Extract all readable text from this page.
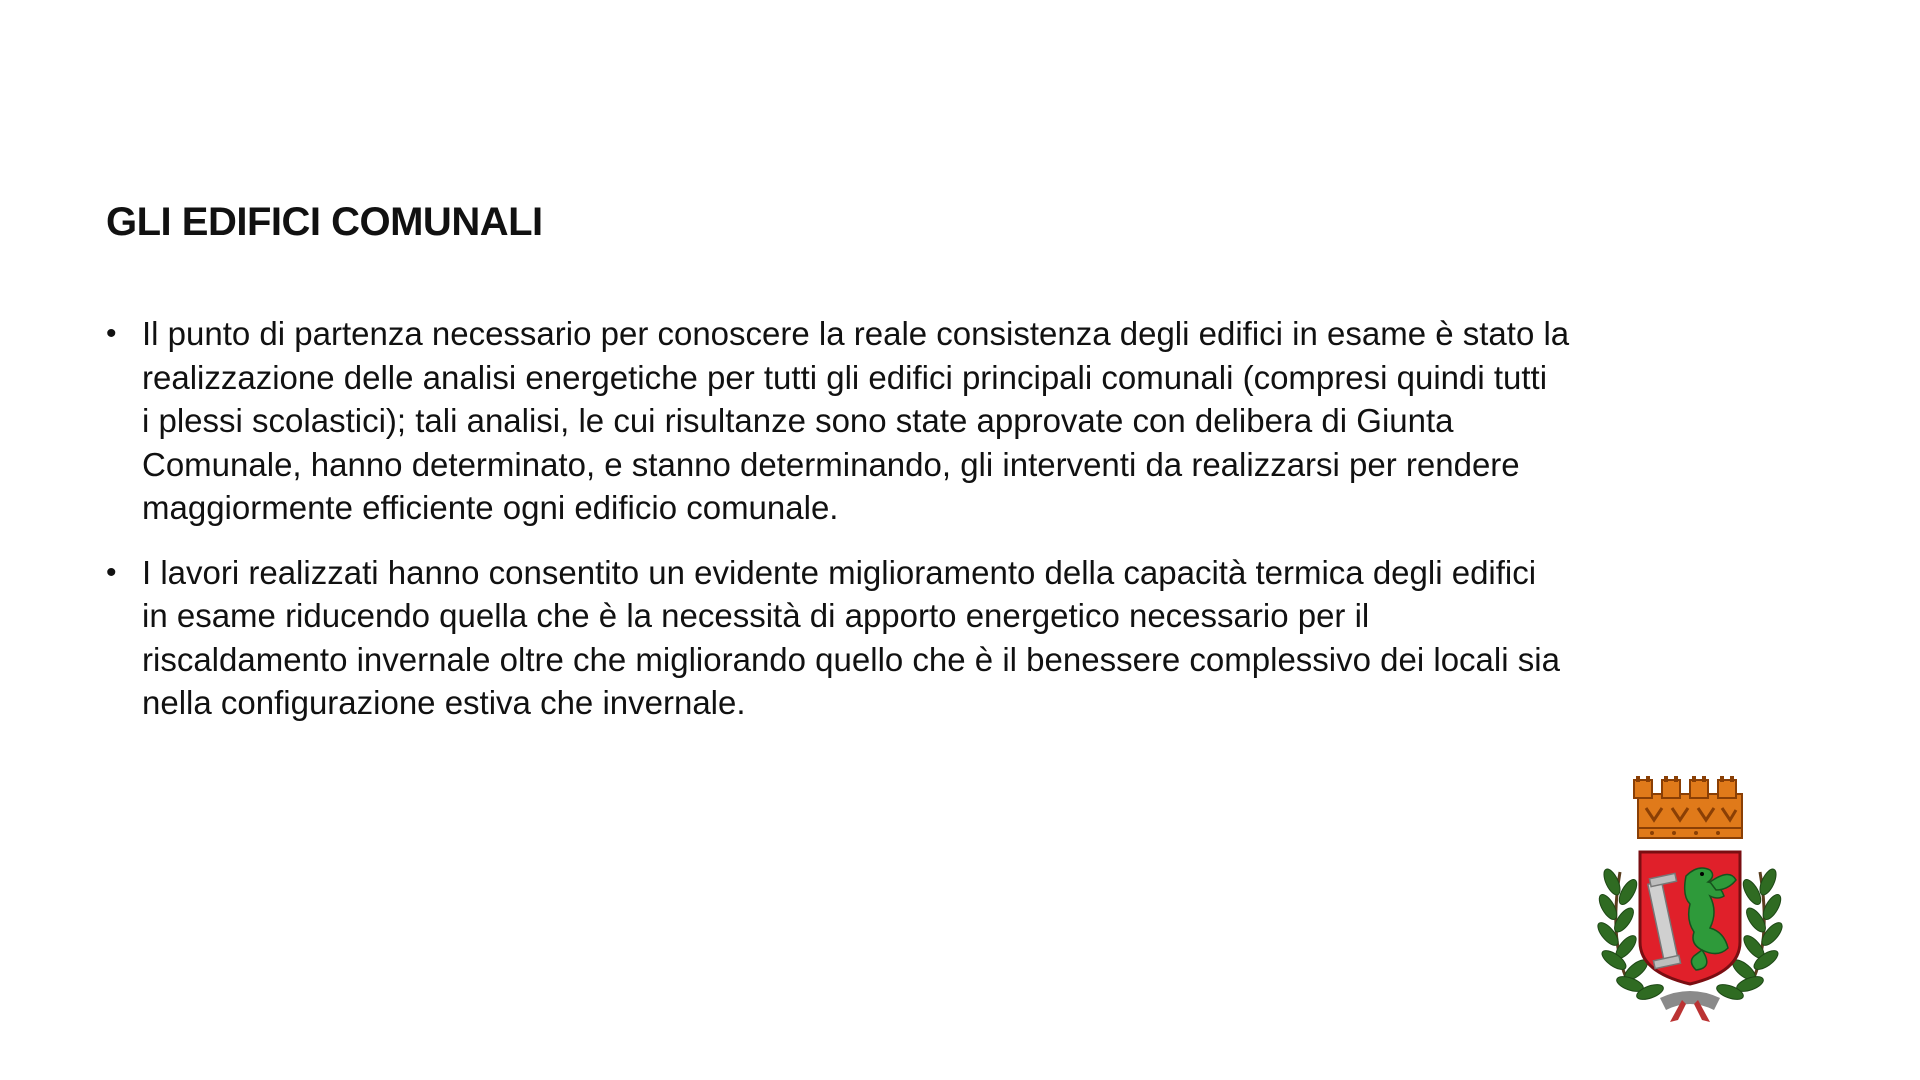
GLI EDIFICI COMUNALI
• Il punto di partenza necessario per conoscere la reale consistenza degli edifici in esame è stato la
realizzazione delle analisi energetiche per tutti gli edifici principali comunali (compresi quindi tutti
i plessi scolastici); tali analisi, le cui risultanze sono state approvate con delibera di Giunta
Comunale, hanno determinato, e stanno determinando, gli interventi da realizzarsi per rendere
maggiormente efficiente ogni edificio comunale.
• I lavori realizzati hanno consentito un evidente miglioramento della capacità termica degli edifici
in esame riducendo quella che è la necessità di apporto energetico necessario per il
riscaldamento invernale oltre che migliorando quello che è il benessere complessivo dei locali sia
nella configurazione estiva che invernale.
